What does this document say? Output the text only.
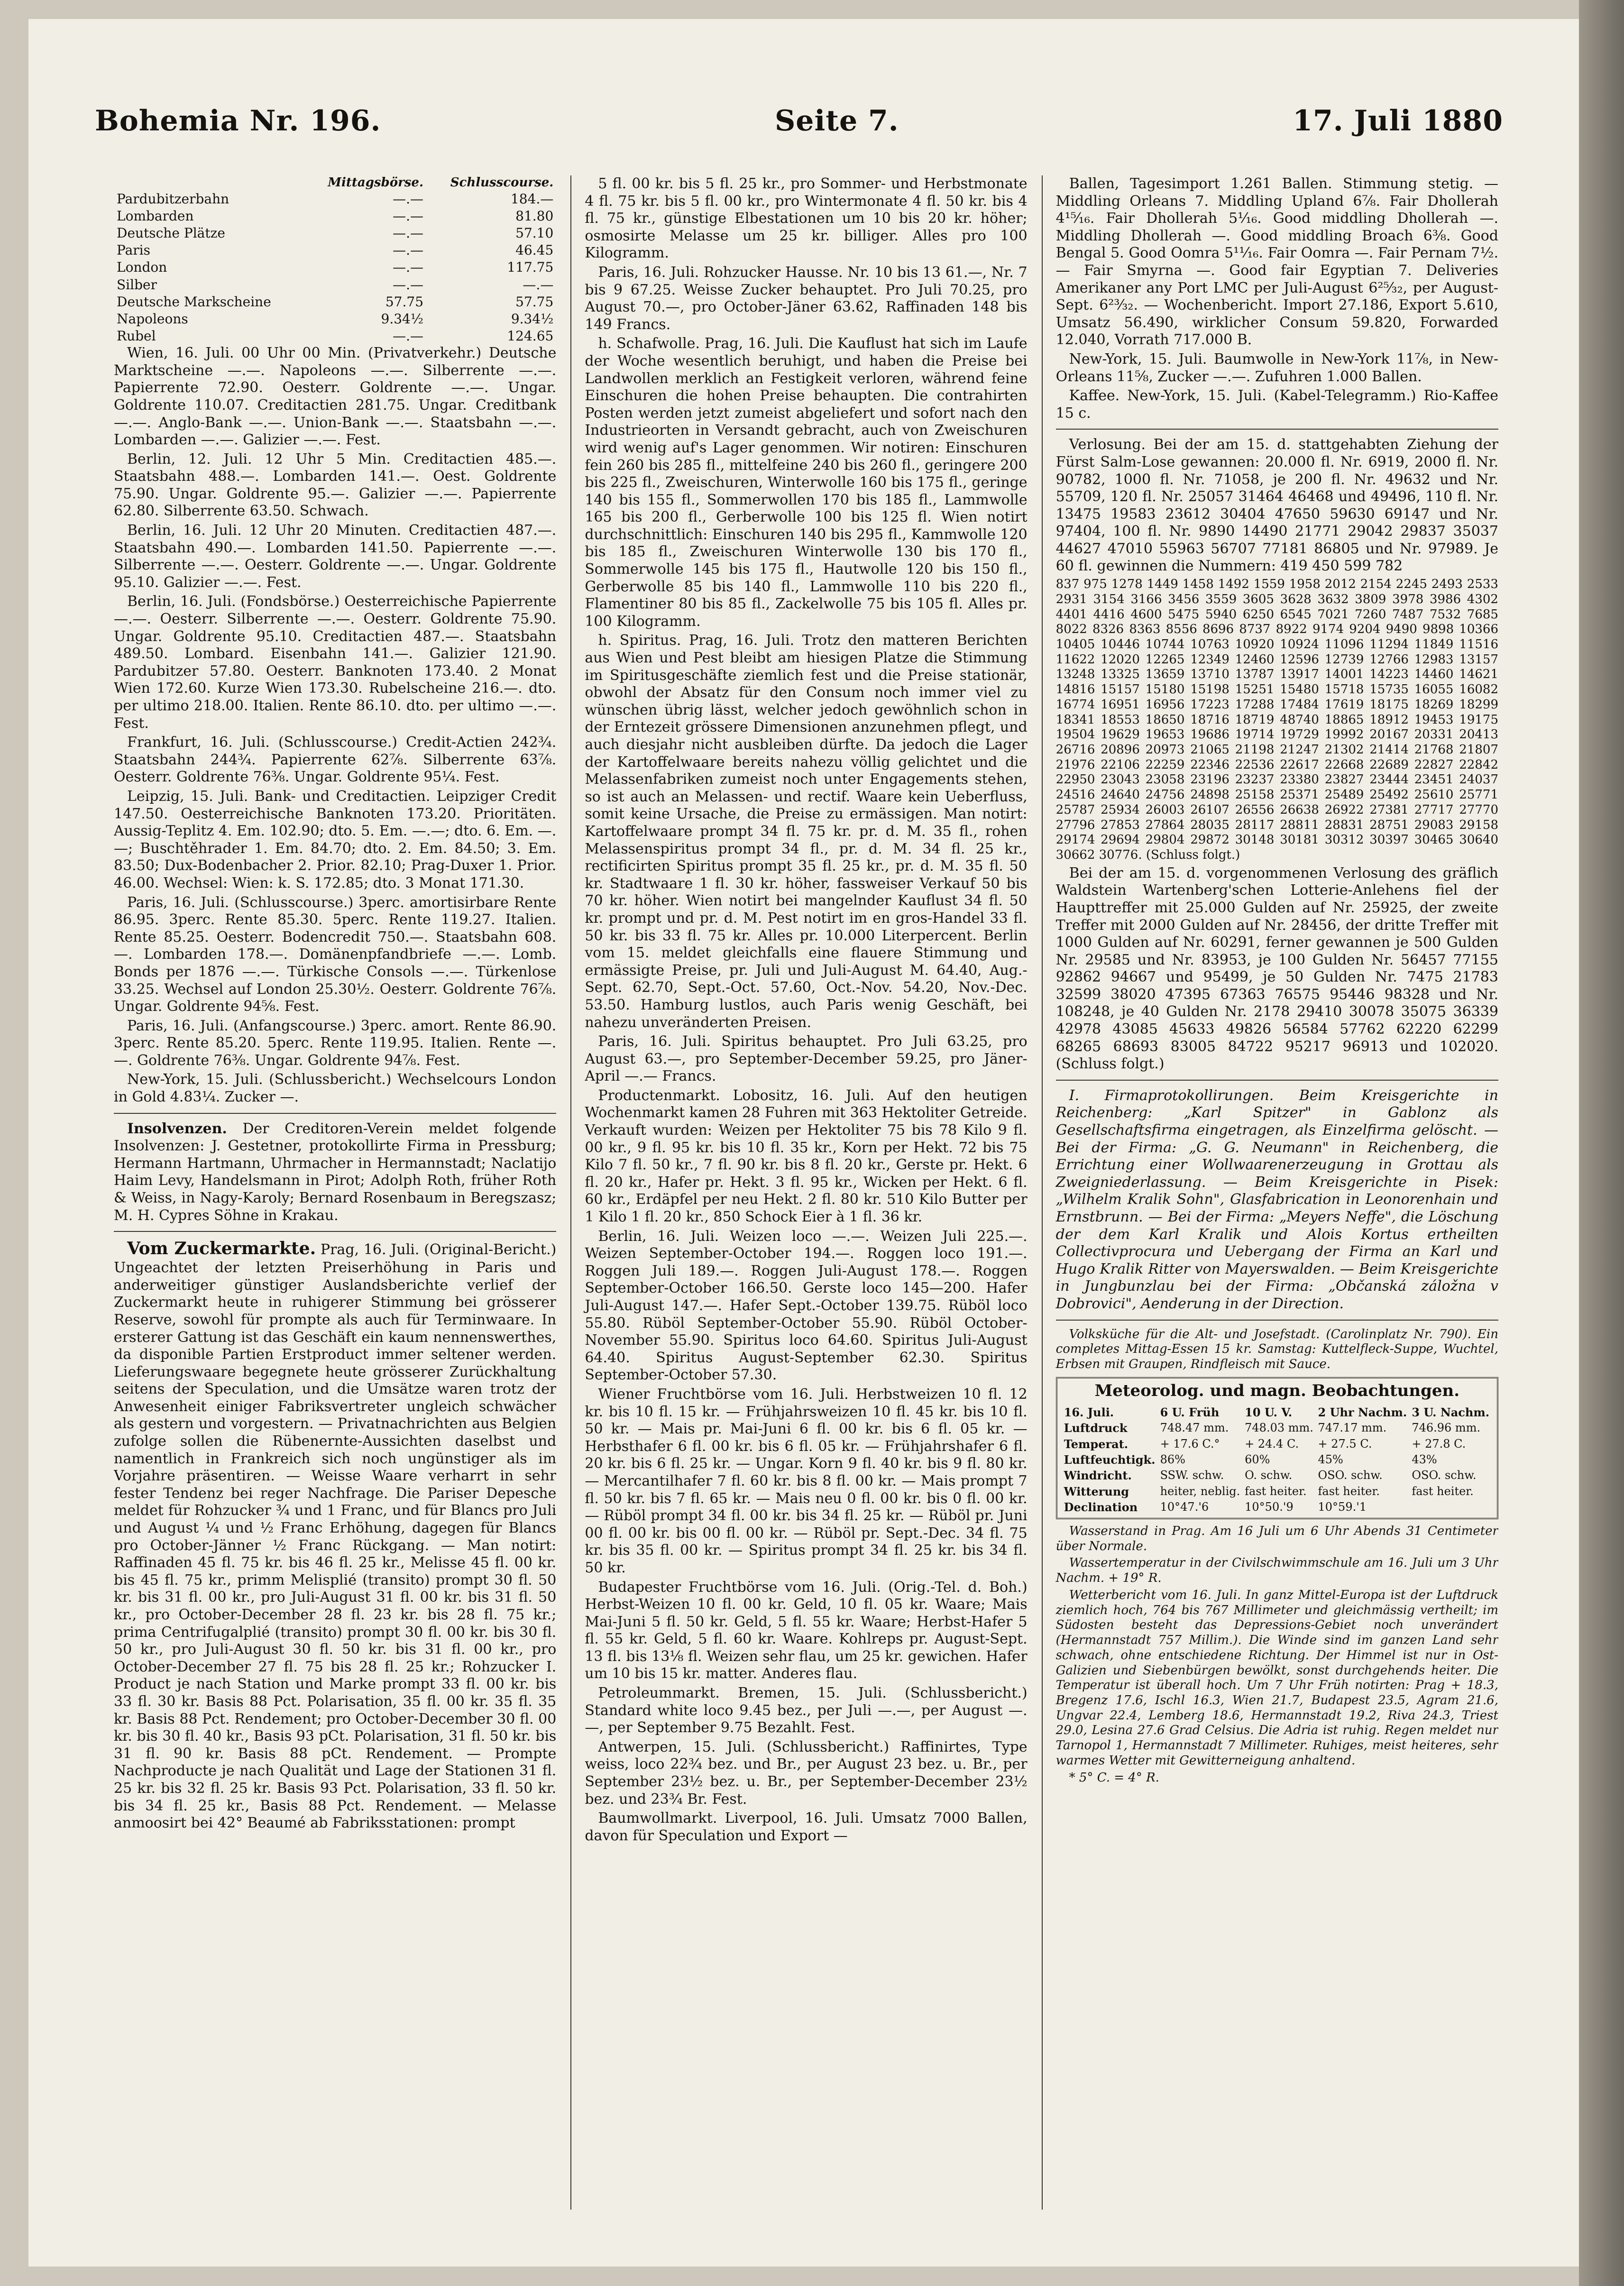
Bohemia Nr. 196.	Seite 7.	17. Juli 1880
	Mittagsbörse.	Schlusscourse.
Pardubitzerbahn	—.—	184.—
Lombarden	—.—	81.80
Deutsche Plätze	—.—	57.10
Paris	—.—	46.45
London	—.—	117.75
Silber	—.—	—.—
Deutsche Markscheine	57.75	57.75
Napoleons	9.34½	9.34½
Rubel	—.—	124.65

Wien, 16. Juli. 00 Uhr 00 Min. (Privatverkehr.) Deutsche Marktscheine —.—. Napoleons —.—. Silberrente —.—. Papierrente 72.90. Oesterr. Goldrente —.—. Ungar. Goldrente 110.07. Creditactien 281.75. Ungar. Creditbank —.—. Anglo-Bank —.—. Union-Bank —.—. Staatsbahn —.—. Lombarden —.—. Galizier —.—. Fest.

Berlin, 12. Juli. 12 Uhr 5 Min. Creditactien 485.—. Staatsbahn 488.—. Lombarden 141.—. Oest. Goldrente 75.90. Ungar. Goldrente 95.—. Galizier —.—. Papierrente 62.80. Silberrente 63.50. Schwach.

Berlin, 16. Juli. 12 Uhr 20 Minuten. Creditactien 487.—. Staatsbahn 490.—. Lombarden 141.50. Papierrente —.—. Silberrente —.—. Oesterr. Goldrente —.—. Ungar. Goldrente 95.10. Galizier —.—. Fest.

Berlin, 16. Juli. (Fondsbörse.) Oesterreichische Papierrente —.—. Oesterr. Silberrente —.—. Oesterr. Goldrente 75.90. Ungar. Goldrente 95.10. Creditactien 487.—. Staatsbahn 489.50. Lombard. Eisenbahn 141.—. Galizier 121.90. Pardubitzer 57.80. Oesterr. Banknoten 173.40. 2 Monat Wien 172.60. Kurze Wien 173.30. Rubelscheine 216.—. dto. per ultimo 218.00. Italien. Rente 86.10. dto. per ultimo —.—. Fest.

Frankfurt, 16. Juli. (Schlusscourse.) Credit-Actien 242¾. Staatsbahn 244¾. Papierrente 62⅞. Silberrente 63⅞. Oesterr. Goldrente 76⅜. Ungar. Goldrente 95¼. Fest.

Leipzig, 15. Juli. Bank- und Creditactien. Leipziger Credit 147.50. Oesterreichische Banknoten 173.20. Prioritäten. Aussig-Teplitz 4. Em. 102.90; dto. 5. Em. —.—; dto. 6. Em. —.—; Buschtěhrader 1. Em. 84.70; dto. 2. Em. 84.50; 3. Em. 83.50; Dux-Bodenbacher 2. Prior. 82.10; Prag-Duxer 1. Prior. 46.00. Wechsel: Wien: k. S. 172.85; dto. 3 Monat 171.30.

Paris, 16. Juli. (Schlusscourse.) 3perc. amortisirbare Rente 86.95. 3perc. Rente 85.30. 5perc. Rente 119.27. Italien. Rente 85.25. Oesterr. Bodencredit 750.—. Staatsbahn 608.—. Lombarden 178.—. Domänenpfandbriefe —.—. Lomb. Bonds per 1876 —.—. Türkische Consols —.—. Türkenlose 33.25. Wechsel auf London 25.30½. Oesterr. Goldrente 76⅞. Ungar. Goldrente 94⅝. Fest.

Paris, 16. Juli. (Anfangscourse.) 3perc. amort. Rente 86.90. 3perc. Rente 85.20. 5perc. Rente 119.95. Italien. Rente —.—. Goldrente 76⅜. Ungar. Goldrente 94⅞. Fest.

New-York, 15. Juli. (Schlussbericht.) Wechselcours London in Gold 4.83¼. Zucker —.

Insolvenzen. Der Creditoren-Verein meldet folgende Insolvenzen: J. Gestetner, protokollirte Firma in Pressburg; Hermann Hartmann, Uhrmacher in Hermannstadt; Naclatijo Haim Levy, Handelsmann in Pirot; Adolph Roth, früher Roth & Weiss, in Nagy-Karoly; Bernard Rosenbaum in Beregszasz; M. H. Cypres Söhne in Krakau.

Vom Zuckermarkte. Prag, 16. Juli. (Original-Bericht.) Ungeachtet der letzten Preiserhöhung in Paris und anderweitiger günstiger Auslandsberichte verlief der Zuckermarkt heute in ruhigerer Stimmung bei grösserer Reserve, sowohl für prompte als auch für Terminwaare. In ersterer Gattung ist das Geschäft ein kaum nennenswerthes, da disponible Partien Erstproduct immer seltener werden. Lieferungswaare begegnete heute grösserer Zurückhaltung seitens der Speculation, und die Umsätze waren trotz der Anwesenheit einiger Fabriksvertreter ungleich schwächer als gestern und vorgestern. — Privatnachrichten aus Belgien zufolge sollen die Rübenernte-Aussichten daselbst und namentlich in Frankreich sich noch ungünstiger als im Vorjahre präsentiren. — Weisse Waare verharrt in sehr fester Tendenz bei reger Nachfrage. Die Pariser Depesche meldet für Rohzucker ¾ und 1 Franc, und für Blancs pro Juli und August ¼ und ½ Franc Erhöhung, dagegen für Blancs pro October-Jänner ½ Franc Rückgang. — Man notirt: Raffinaden 45 fl. 75 kr. bis 46 fl. 25 kr., Melisse 45 fl. 00 kr. bis 45 fl. 75 kr., primm Melisplié (transito) prompt 30 fl. 50 kr. bis 31 fl. 00 kr., pro Juli-August 31 fl. 00 kr. bis 31 fl. 50 kr., pro October-December 28 fl. 23 kr. bis 28 fl. 75 kr.; prima Centrifugalplié (transito) prompt 30 fl. 00 kr. bis 30 fl. 50 kr., pro Juli-August 30 fl. 50 kr. bis 31 fl. 00 kr., pro October-December 27 fl. 75 bis 28 fl. 25 kr.; Rohzucker I. Product je nach Station und Marke prompt 33 fl. 00 kr. bis 33 fl. 30 kr. Basis 88 Pct. Polarisation, 35 fl. 00 kr. 35 fl. 35 kr. Basis 88 Pct. Rendement; pro October-December 30 fl. 00 kr. bis 30 fl. 40 kr., Basis 93 pCt. Polarisation, 31 fl. 50 kr. bis 31 fl. 90 kr. Basis 88 pCt. Rendement. — Prompte Nachproducte je nach Qualität und Lage der Stationen 31 fl. 25 kr. bis 32 fl. 25 kr. Basis 93 Pct. Polarisation, 33 fl. 50 kr. bis 34 fl. 25 kr., Basis 88 Pct. Rendement. — Melasse anmoosirt bei 42° Beaumé ab Fabriksstationen: prompt

5 fl. 00 kr. bis 5 fl. 25 kr., pro Sommer- und Herbstmonate 4 fl. 75 kr. bis 5 fl. 00 kr., pro Wintermonate 4 fl. 50 kr. bis 4 fl. 75 kr., günstige Elbestationen um 10 bis 20 kr. höher; osmosirte Melasse um 25 kr. billiger. Alles pro 100 Kilogramm.

Paris, 16. Juli. Rohzucker Hausse. Nr. 10 bis 13 61.—, Nr. 7 bis 9 67.25. Weisse Zucker behauptet. Pro Juli 70.25, pro August 70.—, pro October-Jäner 63.62, Raffinaden 148 bis 149 Francs.

h. Schafwolle. Prag, 16. Juli. Die Kauflust hat sich im Laufe der Woche wesentlich beruhigt, und haben die Preise bei Landwollen merklich an Festigkeit verloren, während feine Einschuren die hohen Preise behaupten. Die contrahirten Posten werden jetzt zumeist abgeliefert und sofort nach den Industrieorten in Versandt gebracht, auch von Zweischuren wird wenig auf's Lager genommen. Wir notiren: Einschuren fein 260 bis 285 fl., mittelfeine 240 bis 260 fl., geringere 200 bis 225 fl., Zweischuren, Winterwolle 160 bis 175 fl., geringe 140 bis 155 fl., Sommerwollen 170 bis 185 fl., Lammwolle 165 bis 200 fl., Gerberwolle 100 bis 125 fl. Wien notirt durchschnittlich: Einschuren 140 bis 295 fl., Kammwolle 120 bis 185 fl., Zweischuren Winterwolle 130 bis 170 fl., Sommerwolle 145 bis 175 fl., Hautwolle 120 bis 150 fl., Gerberwolle 85 bis 140 fl., Lammwolle 110 bis 220 fl., Flamentiner 80 bis 85 fl., Zackelwolle 75 bis 105 fl. Alles pr. 100 Kilogramm.

h. Spiritus. Prag, 16. Juli. Trotz den matteren Berichten aus Wien und Pest bleibt am hiesigen Platze die Stimmung im Spiritusgeschäfte ziemlich fest und die Preise stationär, obwohl der Absatz für den Consum noch immer viel zu wünschen übrig lässt, welcher jedoch gewöhnlich schon in der Erntezeit grössere Dimensionen anzunehmen pflegt, und auch diesjahr nicht ausbleiben dürfte. Da jedoch die Lager der Kartoffelwaare bereits nahezu völlig gelichtet und die Melassenfabriken zumeist noch unter Engagements stehen, so ist auch an Melassen- und rectif. Waare kein Ueberfluss, somit keine Ursache, die Preise zu ermässigen. Man notirt: Kartoffelwaare prompt 34 fl. 75 kr. pr. d. M. 35 fl., rohen Melassenspiritus prompt 34 fl., pr. d. M. 34 fl. 25 kr., rectificirten Spiritus prompt 35 fl. 25 kr., pr. d. M. 35 fl. 50 kr. Stadtwaare 1 fl. 30 kr. höher, fassweiser Verkauf 50 bis 70 kr. höher. Wien notirt bei mangelnder Kauflust 34 fl. 50 kr. prompt und pr. d. M. Pest notirt im en gros-Handel 33 fl. 50 kr. bis 33 fl. 75 kr. Alles pr. 10.000 Literpercent. Berlin vom 15. meldet gleichfalls eine flauere Stimmung und ermässigte Preise, pr. Juli und Juli-August M. 64.40, Aug.-Sept. 62.70, Sept.-Oct. 57.60, Oct.-Nov. 54.20, Nov.-Dec. 53.50. Hamburg lustlos, auch Paris wenig Geschäft, bei nahezu unveränderten Preisen.

Paris, 16. Juli. Spiritus behauptet. Pro Juli 63.25, pro August 63.—, pro September-December 59.25, pro Jäner-April —.— Francs.

Productenmarkt. Lobositz, 16. Juli. Auf den heutigen Wochenmarkt kamen 28 Fuhren mit 363 Hektoliter Getreide. Verkauft wurden: Weizen per Hektoliter 75 bis 78 Kilo 9 fl. 00 kr., 9 fl. 95 kr. bis 10 fl. 35 kr., Korn per Hekt. 72 bis 75 Kilo 7 fl. 50 kr., 7 fl. 90 kr. bis 8 fl. 20 kr., Gerste pr. Hekt. 6 fl. 20 kr., Hafer pr. Hekt. 3 fl. 95 kr., Wicken per Hekt. 6 fl. 60 kr., Erdäpfel per neu Hekt. 2 fl. 80 kr. 510 Kilo Butter per 1 Kilo 1 fl. 20 kr., 850 Schock Eier à 1 fl. 36 kr.

Berlin, 16. Juli. Weizen loco —.—. Weizen Juli 225.—. Weizen September-October 194.—. Roggen loco 191.—. Roggen Juli 189.—. Roggen Juli-August 178.—. Roggen September-October 166.50. Gerste loco 145—200. Hafer Juli-August 147.—. Hafer Sept.-October 139.75. Rüböl loco 55.80. Rüböl September-October 55.90. Rüböl October-November 55.90. Spiritus loco 64.60. Spiritus Juli-August 64.40. Spiritus August-September 62.30. Spiritus September-October 57.30.

Wiener Fruchtbörse vom 16. Juli. Herbstweizen 10 fl. 12 kr. bis 10 fl. 15 kr. — Frühjahrsweizen 10 fl. 45 kr. bis 10 fl. 50 kr. — Mais pr. Mai-Juni 6 fl. 00 kr. bis 6 fl. 05 kr. — Herbsthafer 6 fl. 00 kr. bis 6 fl. 05 kr. — Frühjahrshafer 6 fl. 20 kr. bis 6 fl. 25 kr. — Ungar. Korn 9 fl. 40 kr. bis 9 fl. 80 kr. — Mercantilhafer 7 fl. 60 kr. bis 8 fl. 00 kr. — Mais prompt 7 fl. 50 kr. bis 7 fl. 65 kr. — Mais neu 0 fl. 00 kr. bis 0 fl. 00 kr. — Rüböl prompt 34 fl. 00 kr. bis 34 fl. 25 kr. — Rüböl pr. Juni 00 fl. 00 kr. bis 00 fl. 00 kr. — Rüböl pr. Sept.-Dec. 34 fl. 75 kr. bis 35 fl. 00 kr. — Spiritus prompt 34 fl. 25 kr. bis 34 fl. 50 kr.

Budapester Fruchtbörse vom 16. Juli. (Orig.-Tel. d. Boh.) Herbst-Weizen 10 fl. 00 kr. Geld, 10 fl. 05 kr. Waare; Mais Mai-Juni 5 fl. 50 kr. Geld, 5 fl. 55 kr. Waare; Herbst-Hafer 5 fl. 55 kr. Geld, 5 fl. 60 kr. Waare. Kohlreps pr. August-Sept. 13 fl. bis 13⅛ fl. Weizen sehr flau, um 25 kr. gewichen. Hafer um 10 bis 15 kr. matter. Anderes flau.

Petroleummarkt. Bremen, 15. Juli. (Schlussbericht.) Standard white loco 9.45 bez., per Juli —.—, per August —.—, per September 9.75 Bezahlt. Fest.

Antwerpen, 15. Juli. (Schlussbericht.) Raffinirtes, Type weiss, loco 22¾ bez. und Br., per August 23 bez. u. Br., per September 23½ bez. u. Br., per September-December 23½ bez. und 23¾ Br. Fest.

Baumwollmarkt. Liverpool, 16. Juli. Umsatz 7000 Ballen, davon für Speculation und Export —

Ballen, Tagesimport 1.261 Ballen. Stimmung stetig. — Middling Orleans 7. Middling Upland 6⅞. Fair Dhollerah 4¹⁵⁄₁₆. Fair Dhollerah 5¹⁄₁₆. Good middling Dhollerah —. Middling Dhollerah —. Good middling Broach 6⅜. Good Bengal 5. Good Oomra 5¹¹⁄₁₆. Fair Oomra —. Fair Pernam 7½. — Fair Smyrna —. Good fair Egyptian 7. Deliveries Amerikaner any Port LMC per Juli-August 6²⁵⁄₃₂, per August-Sept. 6²³⁄₃₂. — Wochenbericht. Import 27.186, Export 5.610, Umsatz 56.490, wirklicher Consum 59.820, Forwarded 12.040, Vorrath 717.000 B.

New-York, 15. Juli. Baumwolle in New-York 11⅞, in New-Orleans 11⅝, Zucker —.—. Zufuhren 1.000 Ballen.

Kaffee. New-York, 15. Juli. (Kabel-Telegramm.) Rio-Kaffee 15 c.

Verlosung. Bei der am 15. d. stattgehabten Ziehung der Fürst Salm-Lose gewannen: 20.000 fl. Nr. 6919, 2000 fl. Nr. 90782, 1000 fl. Nr. 71058, je 200 fl. Nr. 49632 und Nr. 55709, 120 fl. Nr. 25057 31464 46468 und 49496, 110 fl. Nr. 13475 19583 23612 30404 47650 59630 69147 und Nr. 97404, 100 fl. Nr. 9890 14490 21771 29042 29837 35037 44627 47010 55963 56707 77181 86805 und Nr. 97989. Je 60 fl. gewinnen die Nummern: 419 450 599 782

837 975 1278 1449 1458 1492 1559 1958 2012 2154 2245 2493 2533 2931 3154 3166 3456 3559 3605 3628 3632 3809 3978 3986 4302 4401 4416 4600 5475 5940 6250 6545 7021 7260 7487 7532 7685 8022 8326 8363 8556 8696 8737 8922 9174 9204 9490 9898 10366 10405 10446 10744 10763 10920 10924 11096 11294 11849 11516 11622 12020 12265 12349 12460 12596 12739 12766 12983 13157 13248 13325 13659 13710 13787 13917 14001 14223 14460 14621 14816 15157 15180 15198 15251 15480 15718 15735 16055 16082 16774 16951 16956 17223 17288 17484 17619 18175 18269 18299 18341 18553 18650 18716 18719 48740 18865 18912 19453 19175 19504 19629 19653 19686 19714 19729 19992 20167 20331 20413 26716 20896 20973 21065 21198 21247 21302 21414 21768 21807 21976 22106 22259 22346 22536 22617 22668 22689 22827 22842 22950 23043 23058 23196 23237 23380 23827 23444 23451 24037 24516 24640 24756 24898 25158 25371 25489 25492 25610 25771 25787 25934 26003 26107 26556 26638 26922 27381 27717 27770 27796 27853 27864 28035 28117 28811 28831 28751 29083 29158 29174 29694 29804 29872 30148 30181 30312 30397 30465 30640 30662 30776. (Schluss folgt.)

Bei der am 15. d. vorgenommenen Verlosung des gräflich Waldstein Wartenberg'schen Lotterie-Anlehens fiel der Haupttreffer mit 25.000 Gulden auf Nr. 25925, der zweite Treffer mit 2000 Gulden auf Nr. 28456, der dritte Treffer mit 1000 Gulden auf Nr. 60291, ferner gewannen je 500 Gulden Nr. 29585 und Nr. 83953, je 100 Gulden Nr. 56457 77155 92862 94667 und 95499, je 50 Gulden Nr. 7475 21783 32599 38020 47395 67363 76575 95446 98328 und Nr. 108248, je 40 Gulden Nr. 2178 29410 30078 35075 36339 42978 43085 45633 49826 56584 57762 62220 62299 68265 68693 83005 84722 95217 96913 und 102020. (Schluss folgt.)

I. Firmaprotokollirungen. Beim Kreisgerichte in Reichenberg: „Karl Spitzer" in Gablonz als Gesellschaftsfirma eingetragen, als Einzelfirma gelöscht. — Bei der Firma: „G. G. Neumann" in Reichenberg, die Errichtung einer Wollwaarenerzeugung in Grottau als Zweigniederlassung. — Beim Kreisgerichte in Pisek: „Wilhelm Kralik Sohn", Glasfabrication in Leonorenhain und Ernstbrunn. — Bei der Firma: „Meyers Neffe", die Löschung der dem Karl Kralik und Alois Kortus ertheilten Collectivprocura und Uebergang der Firma an Karl und Hugo Kralik Ritter von Mayerswalden. — Beim Kreisgerichte in Jungbunzlau bei der Firma: „Občanská záložna v Dobrovici", Aenderung in der Direction.

Volksküche für die Alt- und Josefstadt. (Carolinplatz Nr. 790). Ein completes Mittag-Essen 15 kr. Samstag: Kuttelfleck-Suppe, Wuchtel, Erbsen mit Graupen, Rindfleisch mit Sauce.

Meteorolog. und magn. Beobachtungen.
16. Juli.	6 U. Früh	10 U. V.	2 Uhr Nachm.	3 U. Nachm.
Luftdruck	748.47 mm.	748.03 mm.	747.17 mm.	746.96 mm.
Temperat.	+ 17.6 C.°	+ 24.4 C.	+ 27.5 C.	+ 27.8 C.
Luftfeuchtigk.	86%	60%	45%	43%
Windricht.	SSW. schw.	O. schw.	OSO. schw.	OSO. schw.
Witterung	heiter, neblig.	fast heiter.	fast heiter.	fast heiter.
Declination	10°47.'6	10°50.'9	10°59.'1	

Wasserstand in Prag. Am 16 Juli um 6 Uhr Abends 31 Centimeter über Normale.

Wassertemperatur in der Civilschwimmschule am 16. Juli um 3 Uhr Nachm. + 19° R.

Wetterbericht vom 16. Juli. In ganz Mittel-Europa ist der Luftdruck ziemlich hoch, 764 bis 767 Millimeter und gleichmässig vertheilt; im Südosten besteht das Depressions-Gebiet noch unverändert (Hermannstadt 757 Millim.). Die Winde sind im ganzen Land sehr schwach, ohne entschiedene Richtung. Der Himmel ist nur in Ost-Galizien und Siebenbürgen bewölkt, sonst durchgehends heiter. Die Temperatur ist überall hoch. Um 7 Uhr Früh notirten: Prag + 18.3, Bregenz 17.6, Ischl 16.3, Wien 21.7, Budapest 23.5, Agram 21.6, Ungvar 22.4, Lemberg 18.6, Hermannstadt 19.2, Riva 24.3, Triest 29.0, Lesina 27.6 Grad Celsius. Die Adria ist ruhig. Regen meldet nur Tarnopol 1, Hermannstadt 7 Millimeter. Ruhiges, meist heiteres, sehr warmes Wetter mit Gewitterneigung anhaltend.

* 5° C. = 4° R.
